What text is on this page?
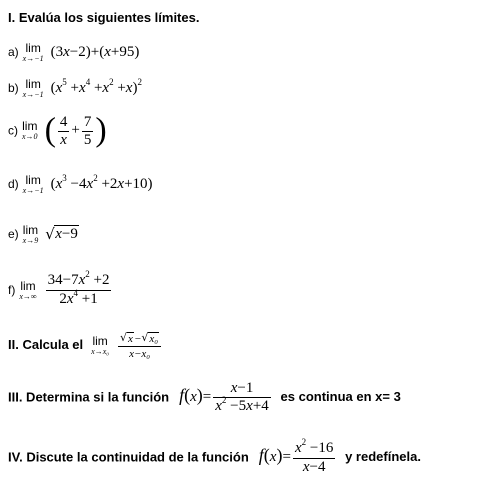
I. Evalúa los siguientes límites.
a) lim
x→−1 (3x−2)+(x+95)
b) lim
x→−1 $(x^5 +x^4 +x^2 +x)^2$
c) lim
x→0 ( $\frac{4}{x} + \frac{7}{5}$ )
d) lim
x→−1 $(x^3 -4x^2 +2x+10)$
e) lim
x→9
√ x−9
f) lim
x→∞
$\frac{34-7x^2 +2}{2x^4 +1}$
II. Calcula el lim
x→x₀
$\frac{\text{√ x− √ x₀}}{\text{x−x₀}}$
III. Determina si la función $f(x)= \frac{x-1}{x^2 -5x+4}$ es continua en x= 3
IV. Discute la continuidad de la función $f(x)= \frac{x^2 -16}{x-4}$ y redefínela.
